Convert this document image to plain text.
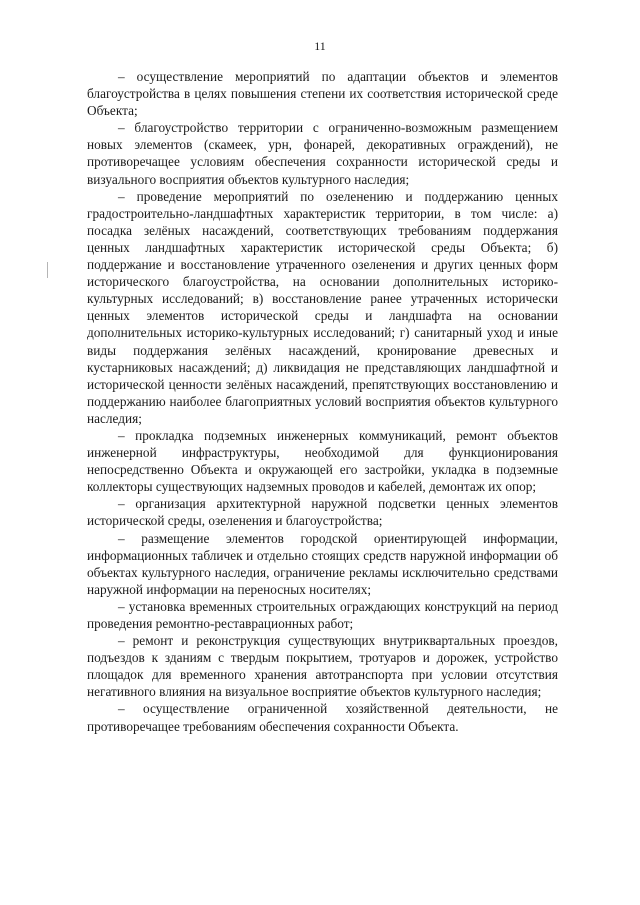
11

– осуществление мероприятий по адаптации объектов и элементов благоустройства в целях повышения степени их соответствия исторической среде Объекта;

– благоустройство территории с ограниченно-возможным размещением новых элементов (скамеек, урн, фонарей, декоративных ограждений), не противоречащее условиям обеспечения сохранности исторической среды и визуального восприятия объектов культурного наследия;

– проведение мероприятий по озеленению и поддержанию ценных градостроительно-ландшафтных характеристик территории, в том числе: а) посадка зелёных насаждений, соответствующих требованиям поддержания ценных ландшафтных характеристик исторической среды Объекта; б) поддержание и восстановление утраченного озеленения и других ценных форм исторического благоустройства, на основании дополнительных историко-культурных исследований; в) восстановление ранее утраченных исторически ценных элементов исторической среды и ландшафта на основании дополнительных историко-культурных исследований; г) санитарный уход и иные виды поддержания зелёных насаждений, кронирование древесных и кустарниковых насаждений; д) ликвидация не представляющих ландшафтной и исторической ценности зелёных насаждений, препятствующих восстановлению и поддержанию наиболее благоприятных условий восприятия объектов культурного наследия;

– прокладка подземных инженерных коммуникаций, ремонт объектов инженерной инфраструктуры, необходимой для функционирования непосредственно Объекта и окружающей его застройки, укладка в подземные коллекторы существующих надземных проводов и кабелей, демонтаж их опор;

– организация архитектурной наружной подсветки ценных элементов исторической среды, озеленения и благоустройства;

– размещение элементов городской ориентирующей информации, информационных табличек и отдельно стоящих средств наружной информации об объектах культурного наследия, ограничение рекламы исключительно средствами наружной информации на переносных носителях;

– установка временных строительных ограждающих конструкций на период проведения ремонтно-реставрационных работ;

– ремонт и реконструкция существующих внутриквартальных проездов, подъездов к зданиям с твердым покрытием, тротуаров и дорожек, устройство площадок для временного хранения автотранспорта при условии отсутствия негативного влияния на визуальное восприятие объектов культурного наследия;

– осуществление ограниченной хозяйственной деятельности, не противоречащее требованиям обеспечения сохранности Объекта.
